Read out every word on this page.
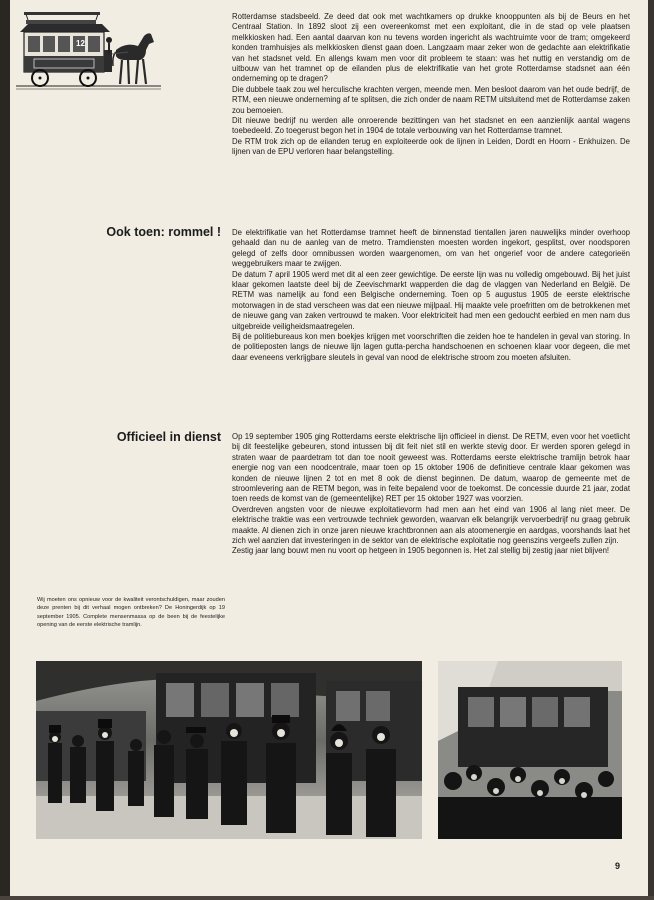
12

Rotterdamse stadsbeeld. Ze deed dat ook met wachtkamers op drukke knooppunten als bij de Beurs en het Centraal Station. In 1892 sloot zij een overeenkomst met een exploitant, die in de stad op vele plaatsen melkkiosken had. Een aantal daarvan kon nu tevens worden ingericht als wachtruimte voor de tram; omgekeerd konden tramhuisjes als melkkiosken dienst gaan doen. Langzaam maar zeker won de gedachte aan elektrifikatie van het stadsnet veld. En allengs kwam men voor dit probleem te staan: was het nuttig en verstandig om de uitbouw van het tramnet op de eilanden plus de elektrifikatie van het grote Rotterdamse stadsnet aan één onderneming op te dragen?

Die dubbele taak zou wel herculische krachten vergen, meende men. Men besloot daarom van het oude bedrijf, de RTM, een nieuwe onderneming af te splitsen, die zich onder de naam RETM uitsluitend met de Rotterdamse zaken zou bemoeien.

Dit nieuwe bedrijf nu werden alle onroerende bezittingen van het stadsnet en een aanzienlijk aantal wagens toebedeeld. Zo toegerust begon het in 1904 de totale verbouwing van het Rotterdamse tramnet.

De RTM trok zich op de eilanden terug en exploiteerde ook de lijnen in Leiden, Dordt en Hoorn - Enkhuizen. De lijnen van de EPU verloren haar belangstelling.

Ook toen: rommel ! De elektrifikatie van het Rotterdamse tramnet heeft de binnenstad tientallen jaren nauwelijks minder overhoop gehaald dan nu de aanleg van de metro. Tramdiensten moesten worden ingekort, gesplitst, over noodsporen gelegd of zelfs door omnibussen worden waargenomen, om van het ongerief voor de andere categorieën weggebruikers maar te zwijgen.

De datum 7 april 1905 werd met dit al een zeer gewichtige. De eerste lijn was nu volledig omgebouwd. Bij het juist klaar gekomen laatste deel bij de Zeevischmarkt wapperden die dag de vlaggen van Nederland en België. De RETM was namelijk au fond een Belgische onderneming. Toen op 5 augustus 1905 de eerste elektrische motorwagen in de stad verscheen was dat een nieuwe mijlpaal. Hij maakte vele proefritten om de betrokkenen met de nieuwe gang van zaken vertrouwd te maken. Voor elektriciteit had men een gedoucht eerbied en men nam dus uitgebreide veiligheidsmaatregelen.

Bij de politiebureaus kon men boekjes krijgen met voorschriften die zeiden hoe te handelen in geval van storing. In de politieposten langs de nieuwe lijn lagen gutta-percha handschoenen en schoenen klaar voor degeen, die met daar eveneens verkrijgbare sleutels in geval van nood de elektrische stroom zou moeten afsluiten.

Officieel in dienst Op 19 september 1905 ging Rotterdams eerste elektrische lijn officieel in dienst. De RETM, even voor het voetlicht bij dit feestelijke gebeuren, stond intussen bij dit feit niet stil en werkte stevig door. Er werden sporen gelegd in straten waar de paardetram tot dan toe nooit geweest was. Rotterdams eerste elektrische tramlijn betrok haar energie nog van een noodcentrale, maar toen op 15 oktober 1906 de definitieve centrale klaar gekomen was konden de nieuwe lijnen 2 tot en met 8 ook de dienst beginnen. De datum, waarop de gemeente met de stroomlevering aan de RETM begon, was in feite bepalend voor de toekomst. De concessie duurde 21 jaar, zodat toen reeds de komst van de (gemeentelijke) RET per 15 oktober 1927 was voorzien.

Overdreven angsten voor de nieuwe exploitatievorm had men aan het eind van 1906 al lang niet meer. De elektrische traktie was een vertrouwde techniek geworden, waarvan elk belangrijk vervoerbedrijf nu graag gebruik maakte. Al dienen zich in onze jaren nieuwe krachtbronnen aan als atoomenergie en aardgas, voorshands laat het zich wel aanzien dat investeringen in de sektor van de elektrische exploitatie nog geenszins vergeefs zullen zijn.

Zestig jaar lang bouwt men nu voort op hetgeen in 1905 begonnen is. Het zal stellig bij zestig jaar niet blijven!

Wij moeten ons opnieuw voor de kwaliteit verontschuldigen, maar zouden deze prenten bij dit verhaal mogen ontbreken? De Honingerdijk op 19 september 1905. Complete mensenmassa op de been bij de feestelijke opening van de eerste elektrische tramlijn.
9
